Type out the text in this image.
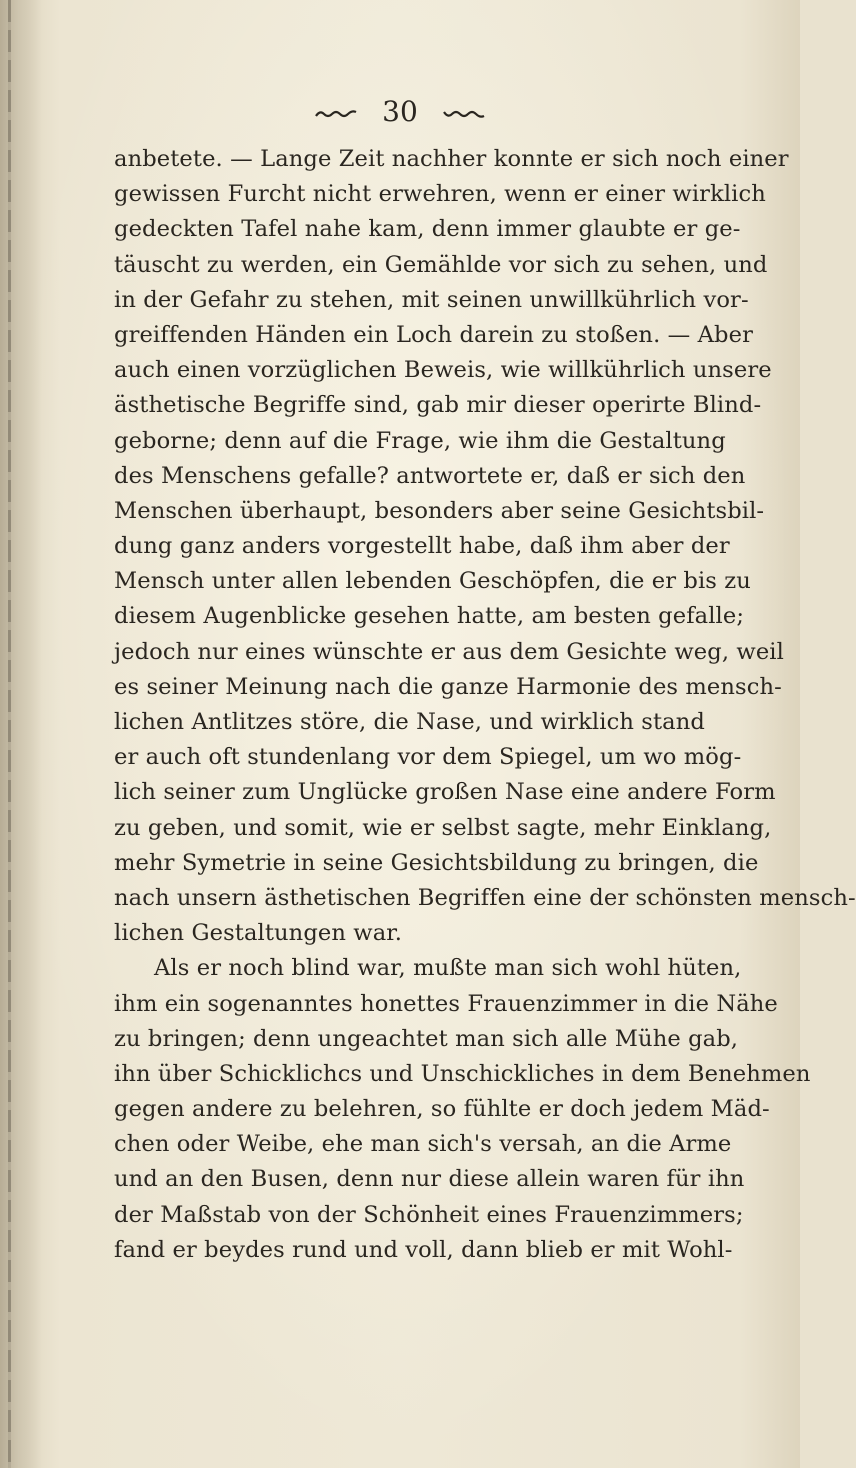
30
anbetete. — Lange Zeit nachher konnte er sich noch einer
gewissen Furcht nicht erwehren, wenn er einer wirklich
gedeckten Tafel nahe kam, denn immer glaubte er ge-
täuscht zu werden, ein Gemählde vor sich zu sehen, und
in der Gefahr zu stehen, mit seinen unwillkührlich vor-
greiffenden Händen ein Loch darein zu stoßen. — Aber
auch einen vorzüglichen Beweis, wie willkührlich unsere
ästhetische Begriffe sind, gab mir dieser operirte Blind-
geborne; denn auf die Frage, wie ihm die Gestaltung
des Menschens gefalle? antwortete er, daß er sich den
Menschen überhaupt, besonders aber seine Gesichtsbil-
dung ganz anders vorgestellt habe, daß ihm aber der
Mensch unter allen lebenden Geschöpfen, die er bis zu
diesem Augenblicke gesehen hatte, am besten gefalle;
jedoch nur eines wünschte er aus dem Gesichte weg, weil
es seiner Meinung nach die ganze Harmonie des mensch-
lichen Antlitzes störe, die Nase, und wirklich stand
er auch oft stundenlang vor dem Spiegel, um wo mög-
lich seiner zum Unglücke großen Nase eine andere Form
zu geben, und somit, wie er selbst sagte, mehr Einklang,
mehr Symetrie in seine Gesichtsbildung zu bringen, die
nach unsern ästhetischen Begriffen eine der schönsten mensch-
lichen Gestaltungen war.
Als er noch blind war, mußte man sich wohl hüten,
ihm ein sogenanntes honettes Frauenzimmer in die Nähe
zu bringen; denn ungeachtet man sich alle Mühe gab,
ihn über Schicklichcs und Unschickliches in dem Benehmen
gegen andere zu belehren, so fühlte er doch jedem Mäd-
chen oder Weibe, ehe man sich's versah, an die Arme
und an den Busen, denn nur diese allein waren für ihn
der Maßstab von der Schönheit eines Frauenzimmers;
fand er beydes rund und voll, dann blieb er mit Wohl-
